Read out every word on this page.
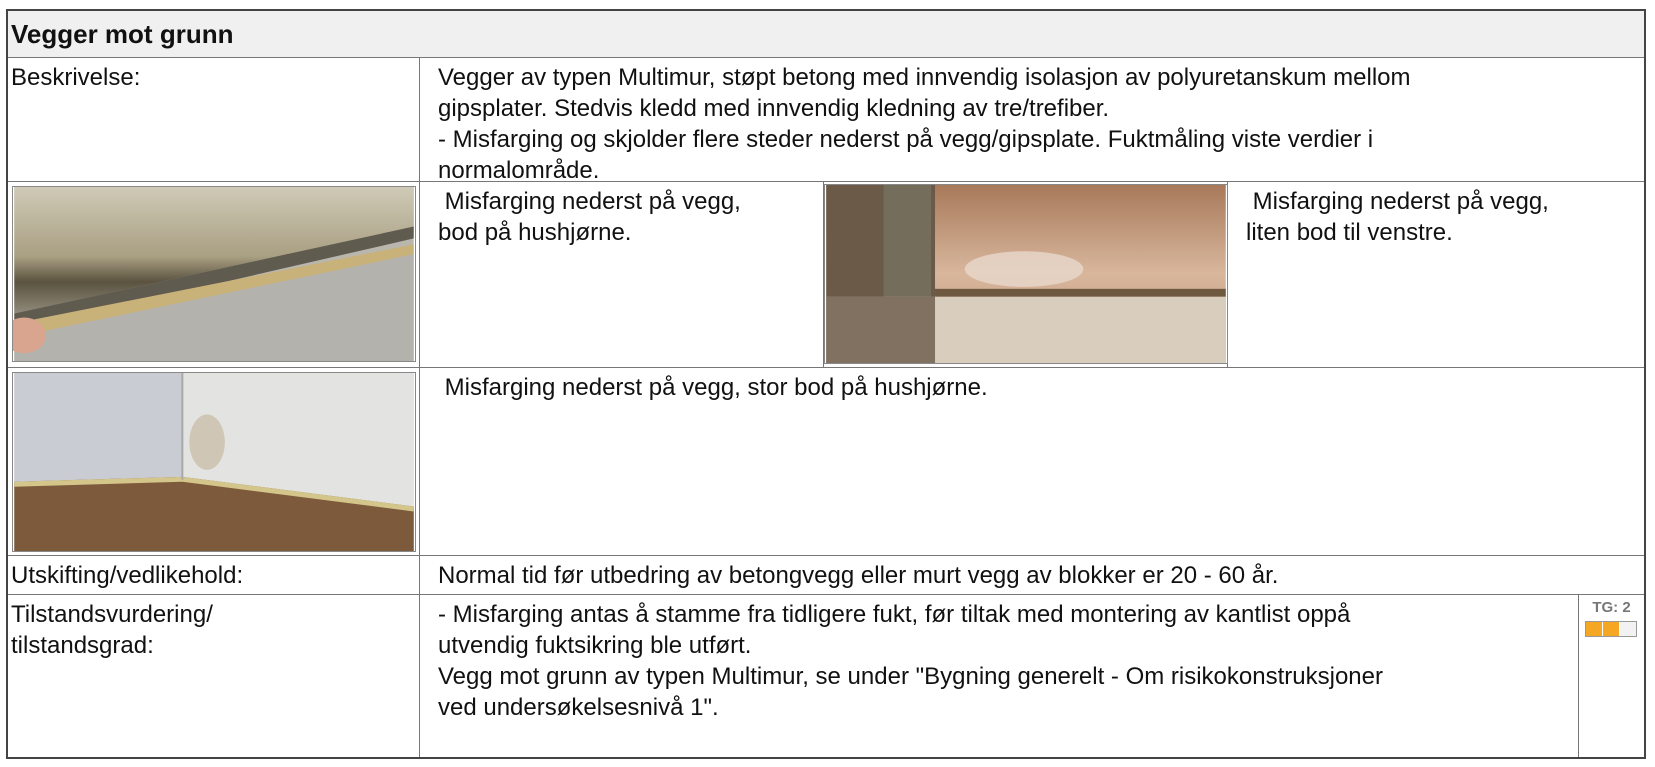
Vegger mot grunn
Beskrivelse:	Vegger av typen Multimur, støpt betong med innvendig isolasjon av polyuretanskum mellom
gipsplater. Stedvis kledd med innvendig kledning av tre/trefiber.
- Misfarging og skjolder flere steder nederst på vegg/gipsplate. Fuktmåling viste verdier i
normalområde.
Misfarging nederst på vegg,
bod på hushjørne.
Misfarging nederst på vegg,
liten bod til venstre.
Misfarging nederst på vegg, stor bod på hushjørne.
Utskifting/vedlikehold:	Normal tid før utbedring av betongvegg eller murt vegg av blokker er 20 - 60 år.
Tilstandsvurdering/
tilstandsgrad:
- Misfarging antas å stamme fra tidligere fukt, før tiltak med montering av kantlist oppå
utvendig fuktsikring ble utført.
Vegg mot grunn av typen Multimur, se under "Bygning generelt - Om risikokonstruksjoner
ved undersøkelsesnivå 1".
TG: 2
